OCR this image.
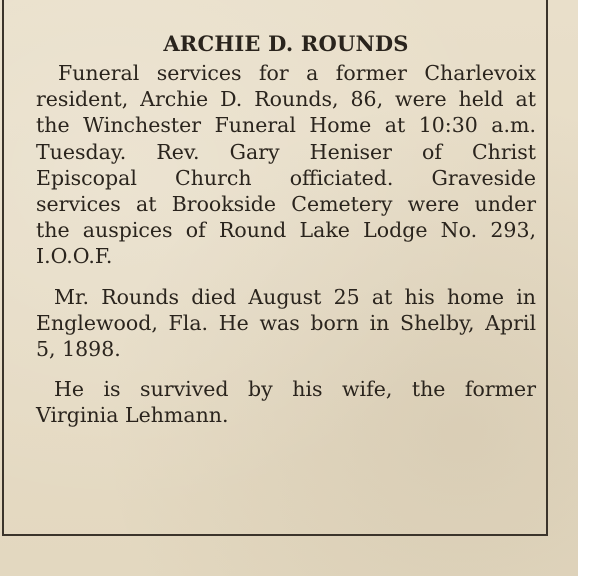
ARCHIE D. ROUNDS

Funeral services for a former Charlevoix
resident, Archie D. Rounds, 86, were held at
the Winchester Funeral Home at 10:30 a.m.
Tuesday. Rev. Gary Heniser of Christ
Episcopal Church officiated. Graveside
services at Brookside Cemetery were under
the auspices of Round Lake Lodge No. 293,
I.O.O.F.

Mr. Rounds died August 25 at his home in
Englewood, Fla. He was born in Shelby, April
5, 1898.

He is survived by his wife, the former
Virginia Lehmann.
